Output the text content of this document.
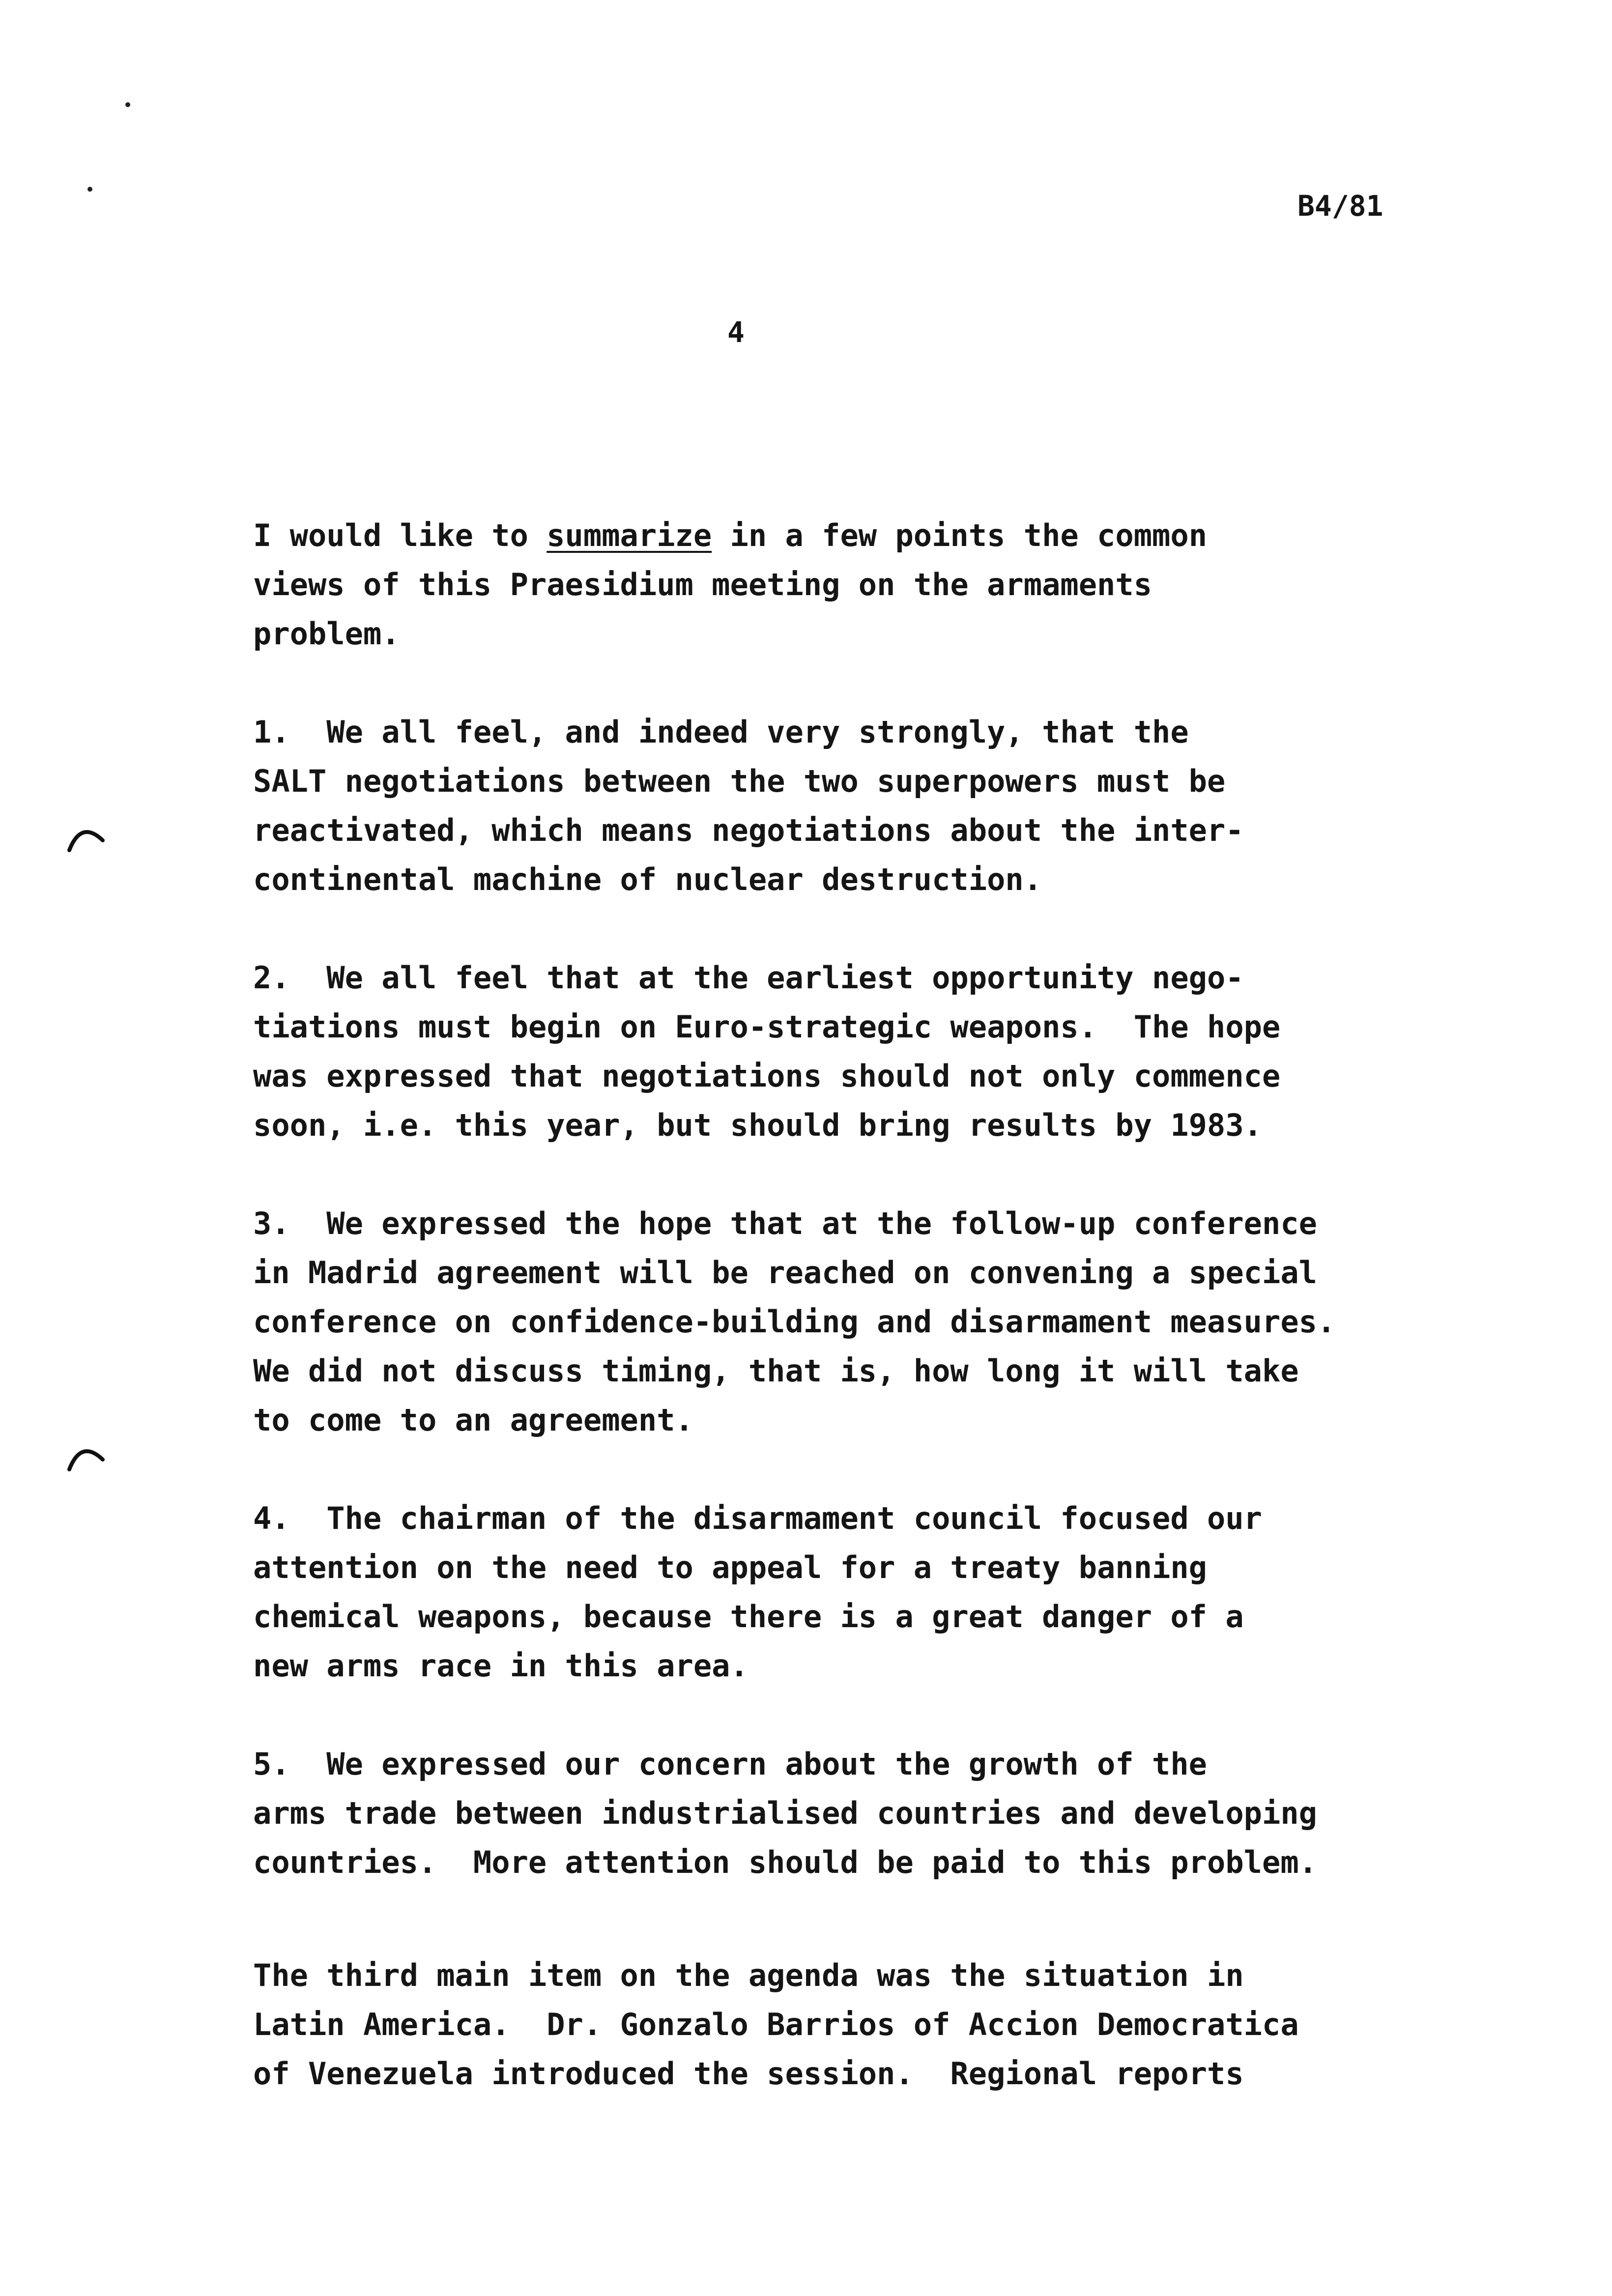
B4/81
4
I would like to summarize in a few points the common
views of this Praesidium meeting on the armaments
problem.
1.  We all feel, and indeed very strongly, that the
SALT negotiations between the two superpowers must be
reactivated, which means negotiations about the inter-
continental machine of nuclear destruction.
2.  We all feel that at the earliest opportunity nego-
tiations must begin on Euro-strategic weapons.  The hope
was expressed that negotiations should not only commence
soon, i.e. this year, but should bring results by 1983.
3.  We expressed the hope that at the follow-up conference
in Madrid agreement will be reached on convening a special
conference on confidence-building and disarmament measures.
We did not discuss timing, that is, how long it will take
to come to an agreement.
4.  The chairman of the disarmament council focused our
attention on the need to appeal for a treaty banning
chemical weapons, because there is a great danger of a
new arms race in this area.
5.  We expressed our concern about the growth of the
arms trade between industrialised countries and developing
countries.  More attention should be paid to this problem.
The third main item on the agenda was the situation in
Latin America.  Dr. Gonzalo Barrios of Accion Democratica
of Venezuela introduced the session.  Regional reports
